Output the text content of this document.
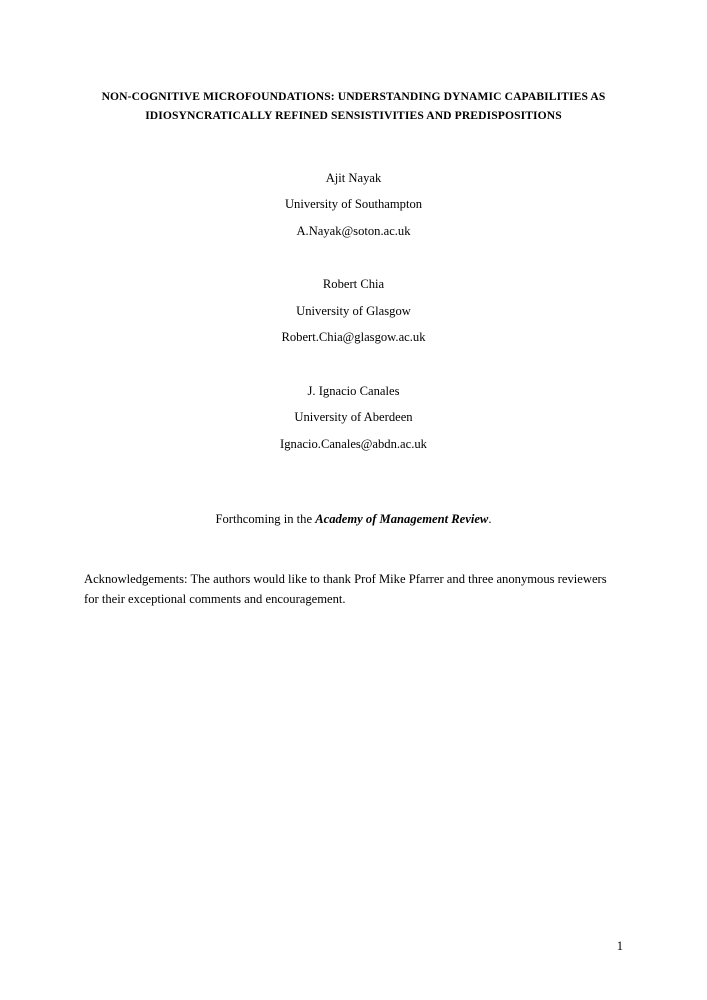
NON-COGNITIVE MICROFOUNDATIONS: UNDERSTANDING DYNAMIC CAPABILITIES AS IDIOSYNCRATICALLY REFINED SENSISTIVITIES AND PREDISPOSITIONS
Ajit Nayak
University of Southampton
A.Nayak@soton.ac.uk
Robert Chia
University of Glasgow
Robert.Chia@glasgow.ac.uk
J. Ignacio Canales
University of Aberdeen
Ignacio.Canales@abdn.ac.uk
Forthcoming in the Academy of Management Review.
Acknowledgements: The authors would like to thank Prof Mike Pfarrer and three anonymous reviewers for their exceptional comments and encouragement.
1
